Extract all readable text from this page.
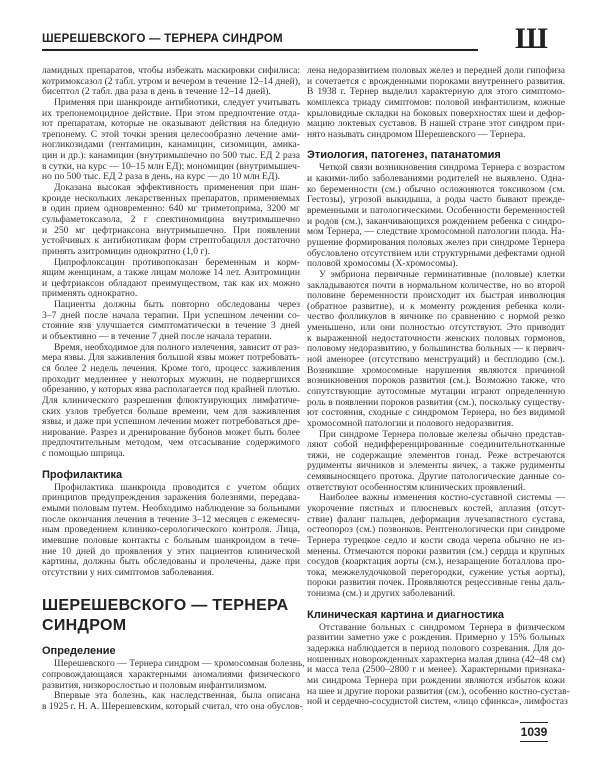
ШЕРЕШЕВСКОГО — ТЕРНЕРА СИНДРОМ	Ш
ламидных препаратов, чтобы избежать маскировки сифилиса:
котримоксазол (2 табл. утром и вечером в течение 12–14 дней),
бисептол (2 табл. два раза в день в течение 12–14 дней).
Применяя при шанкроиде антибиотики, следует учитывать
их трепонемоцидное действие. При этом предпочтение отда-
ют препаратам, которые не оказывают действия на бледную
трепонему. С этой точки зрения целесообразно лечение ами-
ногликозидами (гентамицин, канамицин, сизомицин, амика-
цин и др.): канамицин (внутримышечно по 500 тыс. ЕД 2 раза
в сутки, на курс — 10–15 млн ЕД); мономицин (внутримышеч-
но по 500 тыс. ЕД 2 раза в день, на курс — до 10 млн ЕД).
Доказана высокая эффективность применения при шан-
кроиде нескольких лекарственных препаратов, применяемых
в один прием одновременно: 640 мг триметоприма, 3200 мг
сульфаметоксазола, 2 г спектиномицина внутримышечно
и 250 мг цефтриаксона внутримышечно. При появлении
устойчивых к антибиотикам форм стрептобацилл достаточно
принять азитромицин однократно (1,0 г).
Ципрофлоксацин противопоказан беременным и корм-
ящим женщинам, а также лицам моложе 14 лет. Азитромицин
и цефтриаксон обладают преимуществом, так как их можно
применять однократно.
Пациенты должны быть повторно обследованы через
3–7 дней после начала терапии. При успешном лечении со-
стояние язв улучшается симптоматически в течение 3 дней
и объективно — в течение 7 дней после начала терапии.
Время, необходимое для полного излечения, зависит от раз-
мера язвы. Для заживления большой язвы может потребовать-
ся более 2 недель лечения. Кроме того, процесс заживления
проходит медленнее у некоторых мужчин, не подвергшихся
обрезанию, у которых язва располагается под крайней плотью.
Для клинического разрешения флюктуирующих лимфатиче-
ских узлов требуется больше времени, чем для заживления
язвы, и даже при успешном лечении может потребоваться дре-
нирование. Разрез и дренирование бубонов может быть более
предпочтительным методом, чем отсасывание содержимого
с помощью шприца.
Профилактика
Профилактика шанкроида проводится с учетом общих
принципов предупреждения заражения болезнями, передава-
емыми половым путем. Необходимо наблюдение за больными
после окончания лечения в течение 3–12 месяцев с ежемесяч-
ным проведением клинико-серологического контроля. Лица,
имевшие половые контакты с больным шанкроидом в тече-
ние 10 дней до проявления у этих пациентов клинической
картины, должны быть обследованы и пролечены, даже при
отсутствии у них симптомов заболевания.
ШЕРЕШЕВСКОГО — ТЕРНЕРА
СИНДРОМ
Определение
Шерешевского — Тернера синдром — хромосомная болезнь,
сопровождающаяся характерными аномалиями физического
развития, низкорослостью и половым инфантилизмом.
Впервые эта болезнь, как наследственная, была описана
в 1925 г. Н. А. Шерешевским, который считал, что она обуслов-
лена недоразвитием половых желез и передней доли гипофиза
и сочетается с врожденными пороками внутреннего развития.
В 1938 г. Тернер выделил характерную для этого симптомо-
комплекса триаду симптомов: половой инфантилизм, кожные
крыловидные складки на боковых поверхностях шеи и дефор-
мацию локтевых суставов. В нашей стране этот синдром при-
нято называть синдромом Шерешевского — Тернера.
Этиология, патогенез, патанатомия
Четкой связи возникновения синдрома Тернера с возрастом
и какими-либо заболеваниями родителей не выявлено. Одна-
ко беременности (см.) обычно осложняются токсикозом (см.
Гестозы), угрозой выкидыша, а роды часто бывают прежде-
временными и патологическими. Особенности беременностей
и родов (см.), заканчивающихся рождением ребенка с синдро-
мом Тернера, — следствие хромосомной патологии плода. На-
рушение формирования половых желез при синдроме Тернера
обусловлено отсутствием или структурными дефектами одной
половой хромосомы (X-хромосомы).
У эмбриона первичные герминативные (половые) клетки
закладываются почти в нормальном количестве, но во второй
половине беременности происходит их быстрая инволюция
(обратное развитие), и к моменту рождения ребенка коли-
чество фолликулов в яичнике по сравнению с нормой резко
уменьшено, или они полностью отсутствуют. Это приводит
к выраженной недостаточности женских половых гормонов,
половому недоразвитию, у большинства больных — к первич-
ной аменорее (отсутствию менструаций) и бесплодию (см.).
Возникшие хромосомные нарушения являются причиной
возникновения пороков развития (см.). Возможно также, что
сопутствующие аутосомные мутации играют определенную
роль в появлении пороков развития (см.), поскольку существу-
ют состояния, сходные с синдромом Тернера, но без видимой
хромосомной патологии и полового недоразвития.
При синдроме Тернера половые железы обычно представ-
ляют собой недифференцированные соединительнотканные
тяжи, не содержащие элементов гонад. Реже встречаются
рудименты яичников и элементы яичек, а также рудименты
семявыносящего протока. Другие патологические данные со-
ответствуют особенностям клинических проявлений.
Наиболее важны изменения костно-суставной системы —
укорочение пястных и плюсневых костей, аплазия (отсут-
ствие) фаланг пальцев, деформация лучезапястного сустава,
остеопороз (см.) позвонков. Рентгенологически при синдроме
Тернера турецкое седло и кости свода черепа обычно не из-
менены. Отмечаются пороки развития (см.) сердца и крупных
сосудов (коарктация аорты (см.), незаращение боталлова про-
тока, межжелудочковой перегородки, сужение устья аорты),
пороки развития почек. Проявляются рецессивные гены даль-
тонизма (см.) и других заболеваний.
Клиническая картина и диагностика
Отставание больных с синдромом Тернера в физическом
развитии заметно уже с рождения. Примерно у 15% больных
задержка наблюдается в период полового созревания. Для до-
ношенных новорожденных характерна малая длина (42–48 см)
и масса тела (2500–2800 г и менее). Характерными признака-
ми синдрома Тернера при рождении являются избыток кожи
на шее и другие пороки развития (см.), особенно костно-сустав-
ной и сердечно-сосудистой систем, «лицо сфинкса», лимфостаз
1039
